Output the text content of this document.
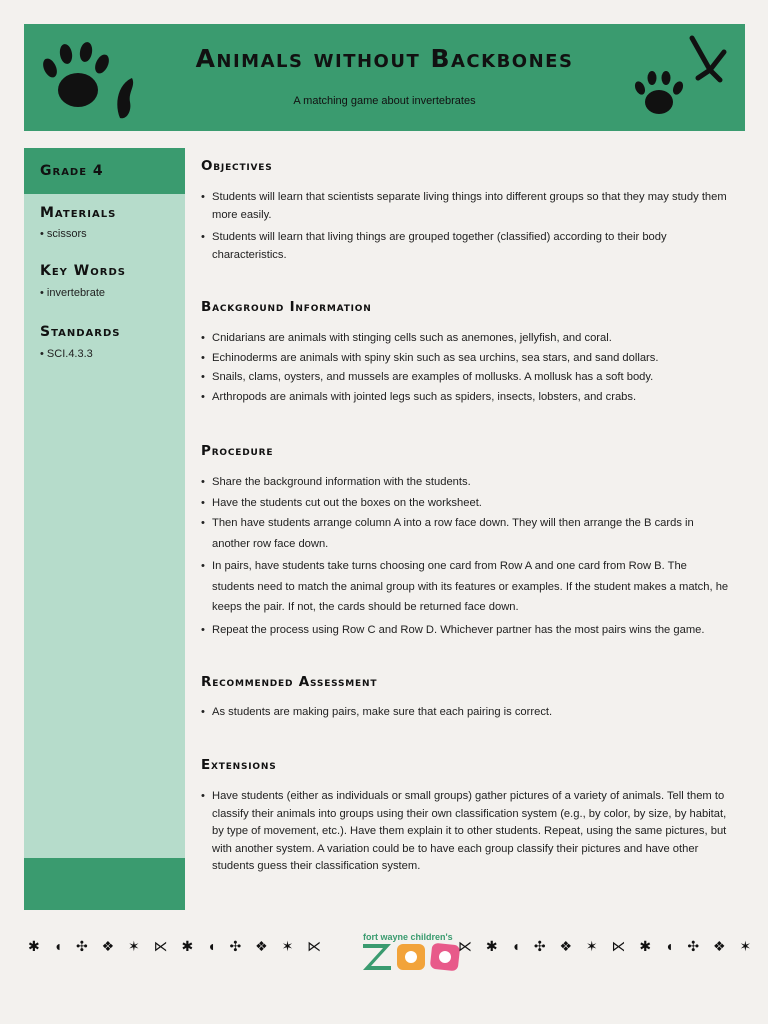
Animals without Backbones
A matching game about invertebrates
Grade 4
Materials
• scissors
Key Words
• invertebrate
Standards
• SCI.4.3.3
Objectives
• Students will learn that scientists separate living things into different groups so that they may study them more easily.
• Students will learn that living things are grouped together (classified) according to their body characteristics.
Background Information
• Cnidarians are animals with stinging cells such as anemones, jellyfish, and coral.
• Echinoderms are animals with spiny skin such as sea urchins, sea stars, and sand dollars.
• Snails, clams, oysters, and mussels are examples of mollusks. A mollusk has a soft body.
• Arthropods are animals with jointed legs such as spiders, insects, lobsters, and crabs.
Procedure
• Share the background information with the students.
• Have the students cut out the boxes on the worksheet.
• Then have students arrange column A into a row face down. They will then arrange the B cards in another row face down.
• In pairs, have students take turns choosing one card from Row A and one card from Row B. The students need to match the animal group with its features or examples. If the student makes a match, he keeps the pair. If not, the cards should be returned face down.
• Repeat the process using Row C and Row D. Whichever partner has the most pairs wins the game.
Recommended Assessment
• As students are making pairs, make sure that each pairing is correct.
Extensions
• Have students (either as individuals or small groups) gather pictures of a variety of animals. Tell them to classify their animals into groups using their own classification system (e.g., by color, by size, by habitat, by type of movement, etc.). Have them explain it to other students. Repeat, using the same pictures, but with another system. A variation could be to have each group classify their pictures and have other students guess their classification system.
✱ ◖ ✣ ❖ ✶ ⋉ ✱ ◖ ✣ ❖ ✶ ⋉
fort wayne children's
⋉ ✱ ◖ ✣ ❖ ✶ ⋉ ✱ ◖ ✣ ❖ ✶
